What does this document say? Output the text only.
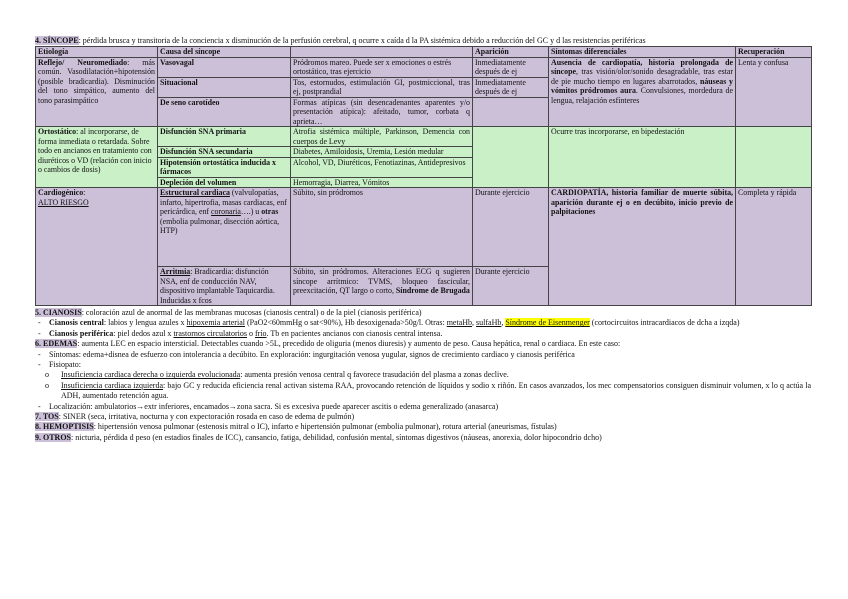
4. SÍNCOPE: pérdida brusca y transitoria de la conciencia x disminución de la perfusión cerebral, q ocurre x caída d la PA sistémica debido a reducción del GC y d las resistencias periféricas
Etiología	Causa del síncope		Aparición	Síntomas diferenciales	Recuperación
Reflejo/ Neuromediado: más común. Vasodilatación+hipotensión (posible bradicardia). Disminución del tono simpático, aumento del tono parasimpático	Vasovagal	Pródromos mareo. Puede ser x emociones o estrés ortostático, tras ejercicio	Inmediatamente después de ej	Ausencia de cardiopatía, historia prolongada de síncope, tras visión/olor/sonido desagradable, tras estar de pie mucho tiempo en lugares abarrotados, náuseas y vómitos pródromos aura. Convulsiones, mordedura de lengua, relajación esfínteres	Lenta y confusa
	Situacional	Tos, estornudos, estimulación GI, postmiccional, tras ej, postprandial	Inmediatamente después de ej		
	De seno carotídeo	Formas atípicas (sin desencadenantes aparentes y/o presentación atípica): afeitado, tumor, corbata q aprieta…			
Ortostático: al incorporarse, de forma inmediata o retardada. Sobre todo en ancianos en tratamiento con diuréticos o VD (relación con inicio o cambios de dosis)	Disfunción SNA primaria	Atrofia sistémica múltiple, Parkinson, Demencia con cuerpos de Levy		Ocurre tras incorporarse, en bipedestación	
	Disfunción SNA secundaria	Diabetes, Amiloidosis, Uremia, Lesión medular			
	Hipotensión ortostática inducida x fármacos	Alcohol, VD, Diuréticos, Fenotiazinas, Antidepresivos			
	Depleción del volumen	Hemorragia, Diarrea, Vómitos			
Cardiogénico:
ALTO RIESGO	Estructural cardiaca (valvulopatías, infarto, hipertrofia, masas cardiacas, enf pericárdica, enf coronaria….) u otras (embolia pulmonar, disección aórtica, HTP)	Súbito, sin pródromos	Durante ejercicio	CARDIOPATÍA, historia familiar de muerte súbita, aparición durante ej o en decúbito, inicio previo de palpitaciones	Completa y rápida
	Arritmia: Bradicardia: disfunción NSA, enf de conducción NAV, dispositivo implantable Taquicardia. Inducidas x fcos	Súbito, sin pródromos. Alteraciones ECG q sugieren síncope arrítmico: TVMS, bloqueo fascicular, preexcitación, QT largo o corto, Síndrome de Brugada	Durante ejercicio		

5. CIANOSIS: coloración azul de anormal de las membranas mucosas (cianosis central) o de la piel (cianosis periférica)

- Cianosis central: labios y lengua azules x hipoxemia arterial (PaO2<60mmHg o sat<90%), Hb desoxigenada>50g/l. Otras: metaHb, sulfaHb, Síndrome de Eisenmenger (cortocircuitos intracardiacos de dcha a izqda)

- Cianosis periférica: piel dedos azul x trastornos circulatorios o frío. Tb en pacientes ancianos con cianosis central intensa.

6. EDEMAS: aumenta LEC en espacio intersticial. Detectables cuando >5L, precedido de oliguria (menos diuresis) y aumento de peso. Causa hepática, renal o cardiaca. En este caso:

- Síntomas: edema+disnea de esfuerzo con intolerancia a decúbito. En exploración: ingurgitación venosa yugular, signos de crecimiento cardiaco y cianosis periférica

- Fisiopato:

o Insuficiencia cardiaca derecha o izquierda evolucionada: aumenta presión venosa central q favorece trasudación del plasma a zonas declive.

o Insuficiencia cardiaca izquierda: bajo GC y reducida eficiencia renal activan sistema RAA, provocando retención de líquidos y sodio x riñón. En casos avanzados, los mec compensatorios consiguen disminuir volumen, x lo q actúa la ADH, aumentado retención agua.

- Localización: ambulatorios→extr inferiores, encamados→zona sacra. Si es excesiva puede aparecer ascitis o edema generalizado (anasarca)

7. TOS: SINER (seca, irritativa, nocturna y con expectoración rosada en caso de edema de pulmón)

8. HEMOPTISIS: hipertensión venosa pulmonar (estenosis mitral o IC), infarto e hipertensión pulmonar (embolia pulmonar), rotura arterial (aneurismas, fístulas)

9. OTROS: nicturia, pérdida d peso (en estadios finales de ICC), cansancio, fatiga, debilidad, confusión mental, síntomas digestivos (náuseas, anorexia, dolor hipocondrio dcho)
